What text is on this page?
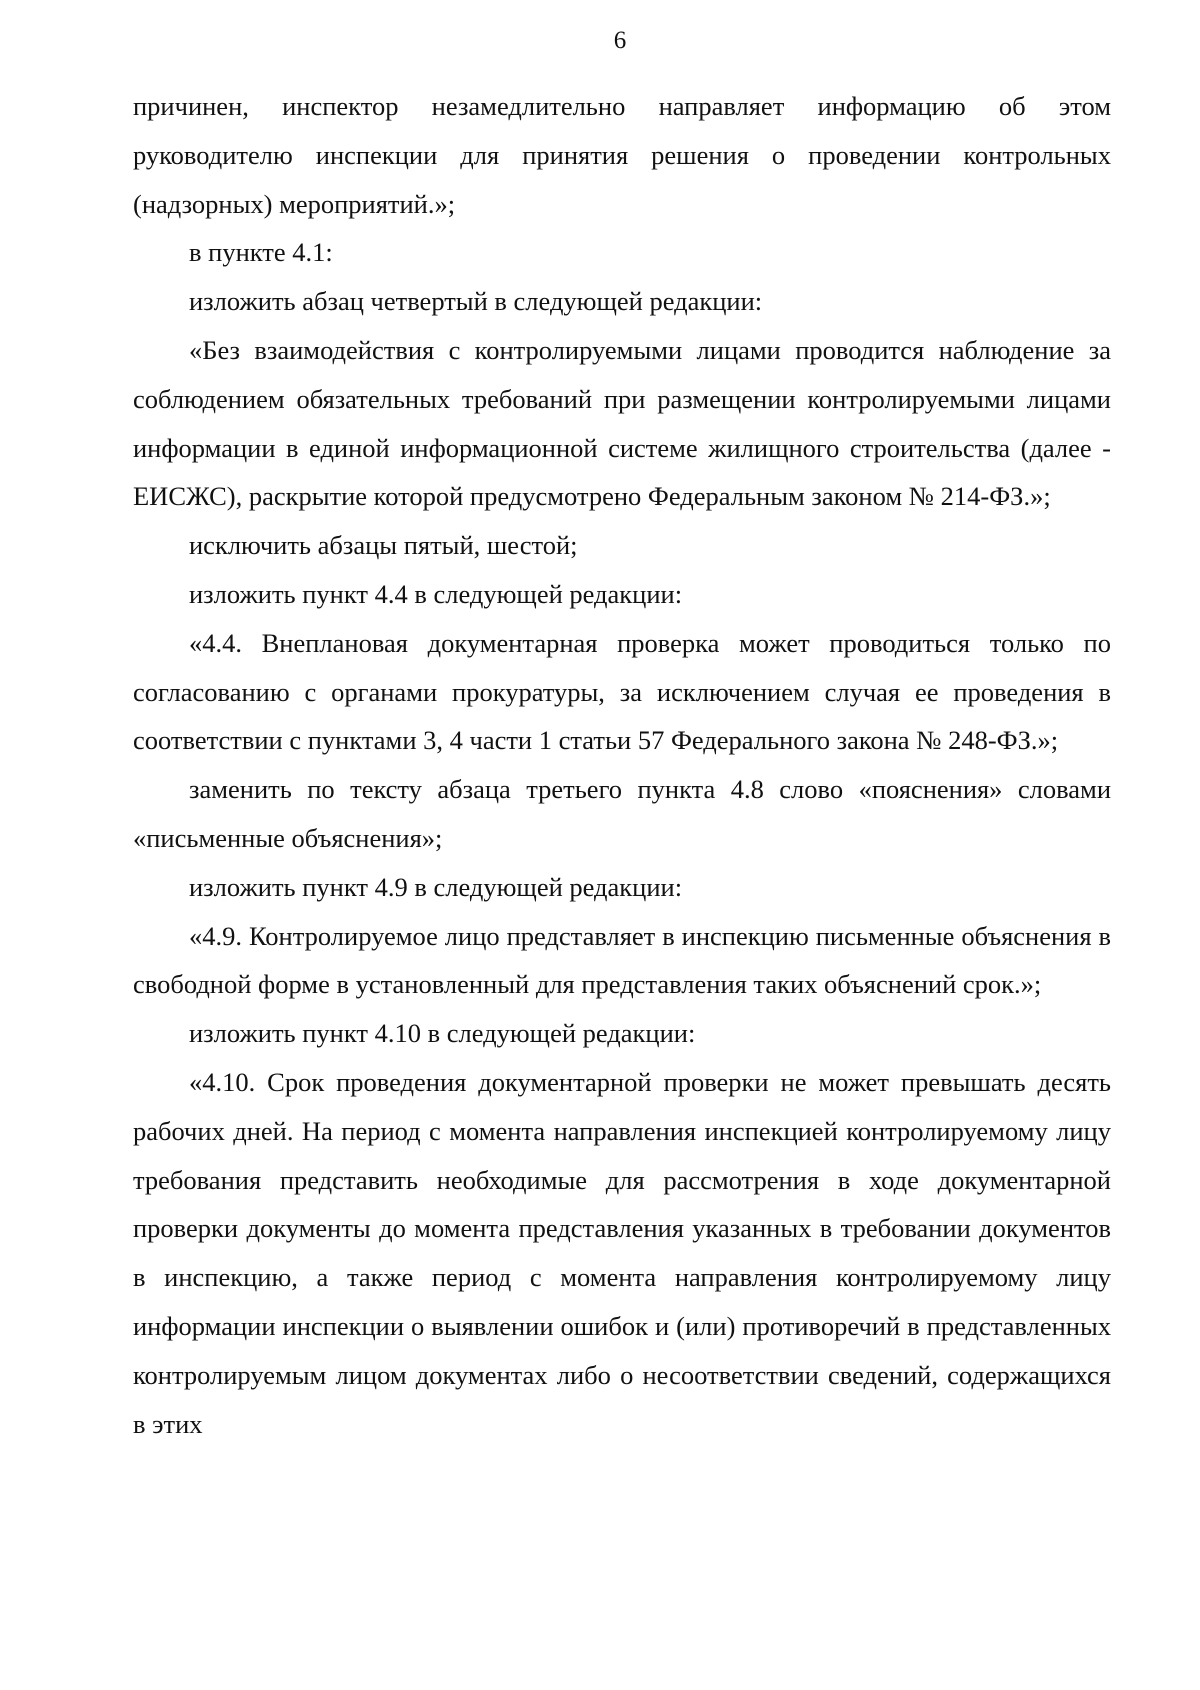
6

причинен, инспектор незамедлительно направляет информацию об этом руководителю инспекции для принятия решения о проведении контрольных (надзорных) мероприятий.»;

в пункте 4.1:

изложить абзац четвертый в следующей редакции:

«Без взаимодействия с контролируемыми лицами проводится наблюдение за соблюдением обязательных требований при размещении контролируемыми лицами информации в единой информационной системе жилищного строительства (далее - ЕИСЖС), раскрытие которой предусмотрено Федеральным законом № 214-ФЗ.»;

исключить абзацы пятый, шестой;

изложить пункт 4.4 в следующей редакции:

«4.4. Внеплановая документарная проверка может проводиться только по согласованию с органами прокуратуры, за исключением случая ее проведения в соответствии с пунктами 3, 4 части 1 статьи 57 Федерального закона № 248-ФЗ.»;

заменить по тексту абзаца третьего пункта 4.8 слово «пояснения» словами «письменные объяснения»;

изложить пункт 4.9 в следующей редакции:

«4.9. Контролируемое лицо представляет в инспекцию письменные объяснения в свободной форме в установленный для представления таких объяснений срок.»;

изложить пункт 4.10 в следующей редакции:

«4.10. Срок проведения документарной проверки не может превышать десять рабочих дней. На период с момента направления инспекцией контролируемому лицу требования представить необходимые для рассмотрения в ходе документарной проверки документы до момента представления указанных в требовании документов в инспекцию, а также период с момента направления контролируемому лицу информации инспекции о выявлении ошибок и (или) противоречий в представленных контролируемым лицом документах либо о несоответствии сведений, содержащихся в этих
